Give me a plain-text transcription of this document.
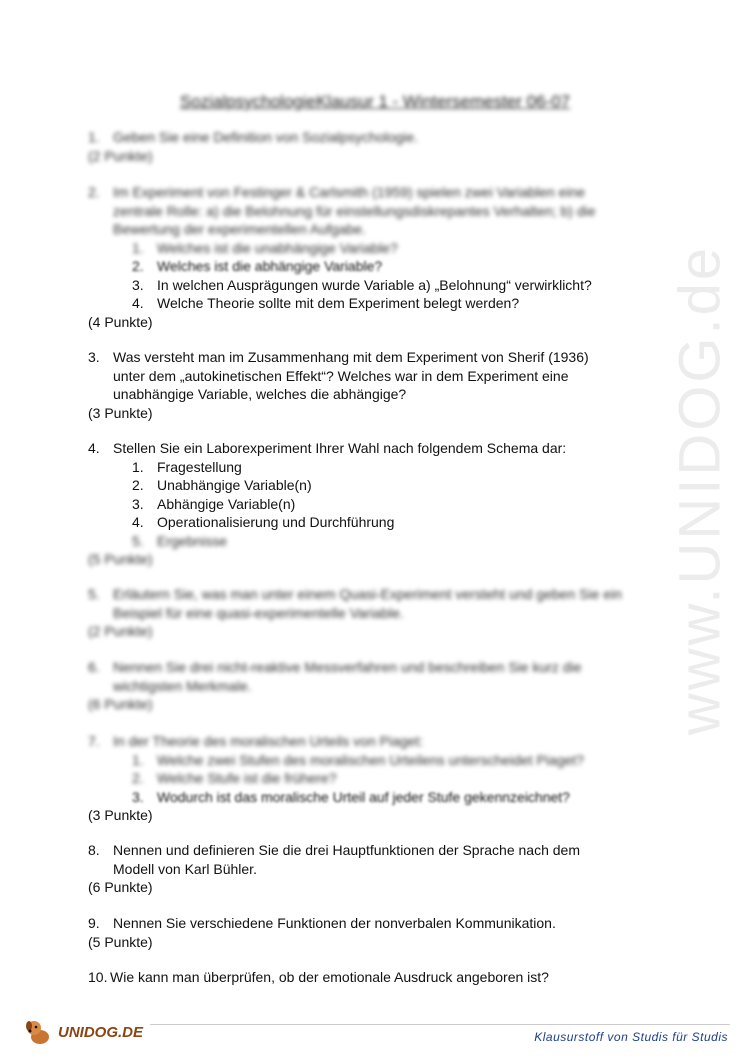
www.UNIDOG.de
SozialpsychologieKlausur 1 - Wintersemester 06-07
1. Geben Sie eine Definition von Sozialpsychologie.
(2 Punkte)
2. Im Experiment von Festinger & Carlsmith (1959) spielen zwei Variablen eine
zentrale Rolle: a) die Belohnung für einstellungsdiskrepantes Verhalten; b) die
Bewertung der experimentellen Aufgabe.
1. Welches ist die unabhängige Variable?
2. Welches ist die abhängige Variable?
3. In welchen Ausprägungen wurde Variable a) „Belohnung“ verwirklicht?
4. Welche Theorie sollte mit dem Experiment belegt werden?
(4 Punkte)
3. Was versteht man im Zusammenhang mit dem Experiment von Sherif (1936)
unter dem „autokinetischen Effekt“? Welches war in dem Experiment eine
unabhängige Variable, welches die abhängige?
(3 Punkte)
4. Stellen Sie ein Laborexperiment Ihrer Wahl nach folgendem Schema dar:
1. Fragestellung
2. Unabhängige Variable(n)
3. Abhängige Variable(n)
4. Operationalisierung und Durchführung
5. Ergebnisse
(5 Punkte)
5. Erläutern Sie, was man unter einem Quasi-Experiment versteht und geben Sie ein
Beispiel für eine quasi-experimentelle Variable.
(2 Punkte)
6. Nennen Sie drei nicht-reaktive Messverfahren und beschreiben Sie kurz die
wichtigsten Merkmale.
(6 Punkte)
7. In der Theorie des moralischen Urteils von Piaget:
1. Welche zwei Stufen des moralischen Urteilens unterscheidet Piaget?
2. Welche Stufe ist die frühere?
3. Wodurch ist das moralische Urteil auf jeder Stufe gekennzeichnet?
(3 Punkte)
8. Nennen und definieren Sie die drei Hauptfunktionen der Sprache nach dem
Modell von Karl Bühler.
(6 Punkte)
9. Nennen Sie verschiedene Funktionen der nonverbalen Kommunikation.
(5 Punkte)
10. Wie kann man überprüfen, ob der emotionale Ausdruck angeboren ist?
UNIDOG.DE	Klausurstoff von Studis für Studis
